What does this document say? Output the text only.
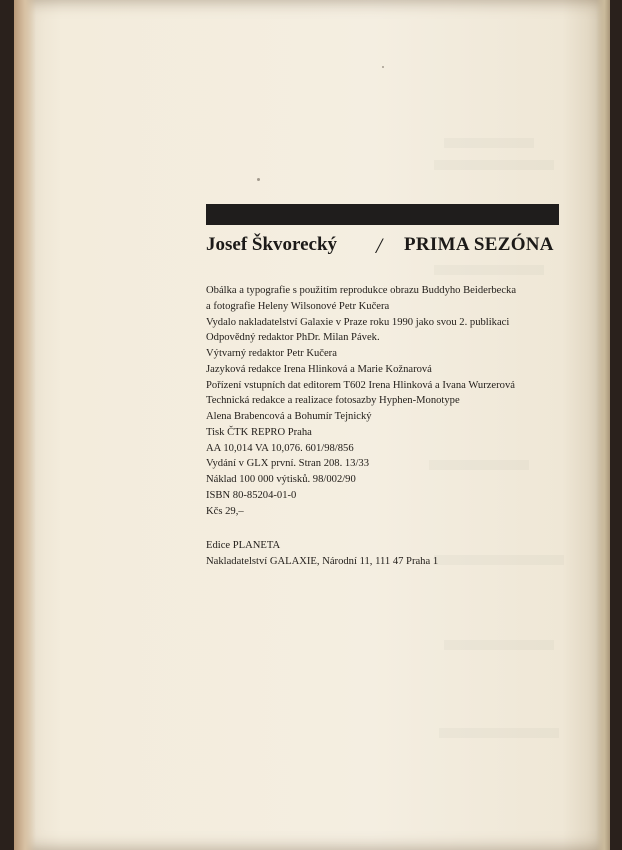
Josef Škvorecký / PRIMA SEZÓNA
Obálka a typografie s použitím reprodukce obrazu Buddyho Beiderbecka
a fotografie Heleny Wilsonové Petr Kučera
Vydalo nakladatelství Galaxie v Praze roku 1990 jako svou 2. publikaci
Odpovědný redaktor PhDr. Milan Pávek.
Výtvarný redaktor Petr Kučera
Jazyková redakce Irena Hlinková a Marie Kožnarová
Pořízení vstupních dat editorem T602 Irena Hlinková a Ivana Wurzerová
Technická redakce a realizace fotosazby Hyphen-Monotype
Alena Brabencová a Bohumír Tejnický
Tisk ČTK REPRO Praha
AA 10,014 VA 10,076. 601/98/856
Vydání v GLX první. Stran 208. 13/33
Náklad 100 000 výtisků. 98/002/90
ISBN 80-85204-01-0
Kčs 29,–
Edice PLANETA
Nakladatelství GALAXIE, Národní 11, 111 47 Praha 1
